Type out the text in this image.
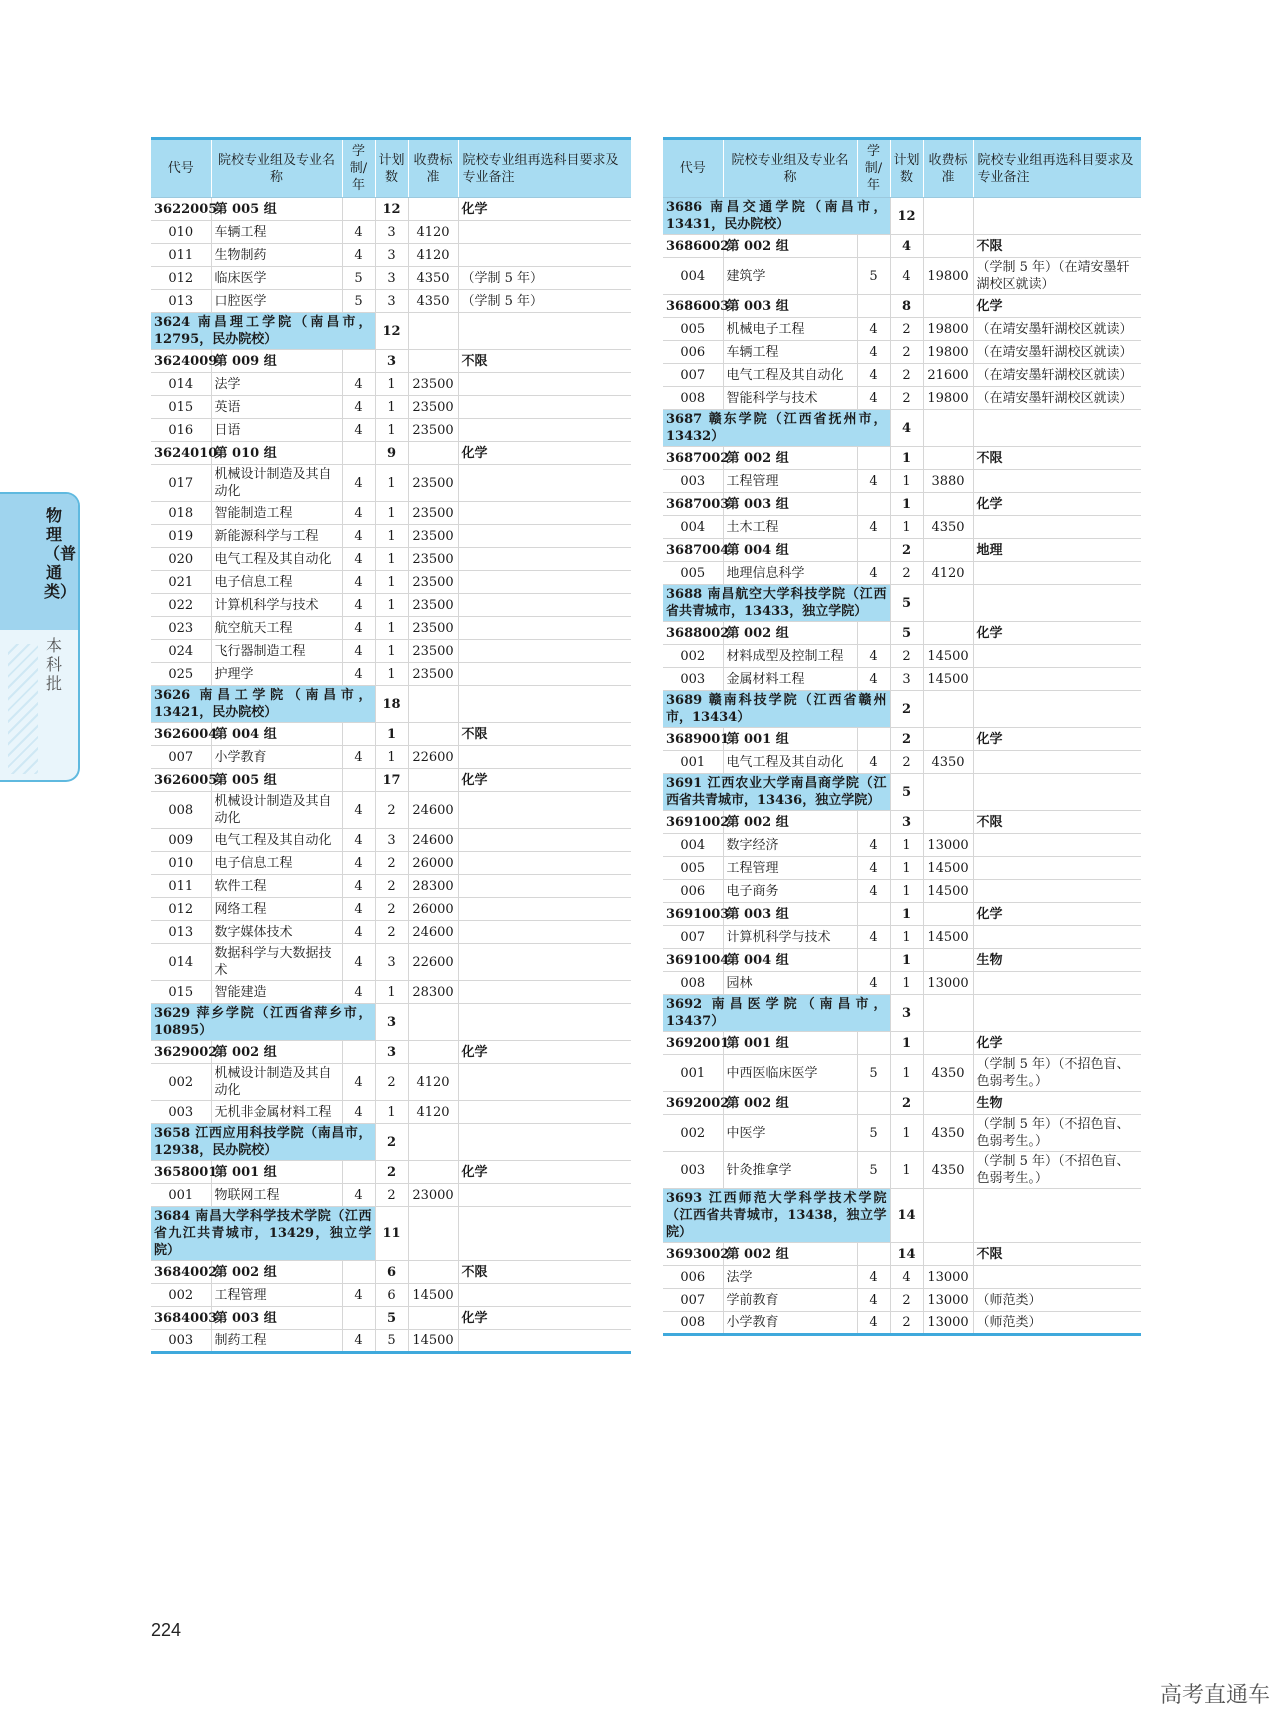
物理（普通类）
本科批
代号	院校专业组及专业名称	学制/年	计划数	收费标准	院校专业组再选科目要求及专业备注
3622005	第 005 组		12		化学
010	车辆工程	4	3	4120	
011	生物制药	4	3	4120	
012	临床医学	5	3	4350	（学制 5 年）
013	口腔医学	5	3	4350	（学制 5 年）
3624 南昌理工学院（南昌市，12795，民办院校）			12		
3624009	第 009 组		3		不限
014	法学	4	1	23500	
015	英语	4	1	23500	
016	日语	4	1	23500	
3624010	第 010 组		9		化学
017	机械设计制造及其自动化	4	1	23500	
018	智能制造工程	4	1	23500	
019	新能源科学与工程	4	1	23500	
020	电气工程及其自动化	4	1	23500	
021	电子信息工程	4	1	23500	
022	计算机科学与技术	4	1	23500	
023	航空航天工程	4	1	23500	
024	飞行器制造工程	4	1	23500	
025	护理学	4	1	23500	
3626 南昌工学院（南昌市，13421，民办院校）			18		
3626004	第 004 组		1		不限
007	小学教育	4	1	22600	
3626005	第 005 组		17		化学
008	机械设计制造及其自动化	4	2	24600	
009	电气工程及其自动化	4	3	24600	
010	电子信息工程	4	2	26000	
011	软件工程	4	2	28300	
012	网络工程	4	2	26000	
013	数字媒体技术	4	2	24600	
014	数据科学与大数据技术	4	3	22600	
015	智能建造	4	1	28300	
3629 萍乡学院（江西省萍乡市，10895）			3		
3629002	第 002 组		3		化学
002	机械设计制造及其自动化	4	2	4120	
003	无机非金属材料工程	4	1	4120	
3658 江西应用科技学院（南昌市，12938，民办院校）			2		
3658001	第 001 组		2		化学
001	物联网工程	4	2	23000	
3684 南昌大学科学技术学院（江西省九江共青城市，13429，独立学院）			11		
3684002	第 002 组		6		不限
002	工程管理	4	6	14500	
3684003	第 003 组		5		化学
003	制药工程	4	5	14500	
代号	院校专业组及专业名称	学制/年	计划数	收费标准	院校专业组再选科目要求及专业备注
3686 南昌交通学院（南昌市，13431，民办院校）			12		
3686002	第 002 组		4		不限
004	建筑学	5	4	19800	（学制 5 年）（在靖安墨轩湖校区就读）
3686003	第 003 组		8		化学
005	机械电子工程	4	2	19800	（在靖安墨轩湖校区就读）
006	车辆工程	4	2	19800	（在靖安墨轩湖校区就读）
007	电气工程及其自动化	4	2	21600	（在靖安墨轩湖校区就读）
008	智能科学与技术	4	2	19800	（在靖安墨轩湖校区就读）
3687 赣东学院（江西省抚州市，13432）			4		
3687002	第 002 组		1		不限
003	工程管理	4	1	3880	
3687003	第 003 组		1		化学
004	土木工程	4	1	4350	
3687004	第 004 组		2		地理
005	地理信息科学	4	2	4120	
3688 南昌航空大学科技学院（江西省共青城市，13433，独立学院）			5		
3688002	第 002 组		5		化学
002	材料成型及控制工程	4	2	14500	
003	金属材料工程	4	3	14500	
3689 赣南科技学院（江西省赣州市，13434）			2		
3689001	第 001 组		2		化学
001	电气工程及其自动化	4	2	4350	
3691 江西农业大学南昌商学院（江西省共青城市，13436，独立学院）			5		
3691002	第 002 组		3		不限
004	数字经济	4	1	13000	
005	工程管理	4	1	14500	
006	电子商务	4	1	14500	
3691003	第 003 组		1		化学
007	计算机科学与技术	4	1	14500	
3691004	第 004 组		1		生物
008	园林	4	1	13000	
3692 南昌医学院（南昌市，13437）			3		
3692001	第 001 组		1		化学
001	中西医临床医学	5	1	4350	（学制 5 年）（不招色盲、色弱考生。）
3692002	第 002 组		2		生物
002	中医学	5	1	4350	（学制 5 年）（不招色盲、色弱考生。）
003	针灸推拿学	5	1	4350	（学制 5 年）（不招色盲、色弱考生。）
3693 江西师范大学科学技术学院（江西省共青城市，13438，独立学院）			14		
3693002	第 002 组		14		不限
006	法学	4	4	13000	
007	学前教育	4	2	13000	（师范类）
008	小学教育	4	2	13000	（师范类）
224
高考直通车
